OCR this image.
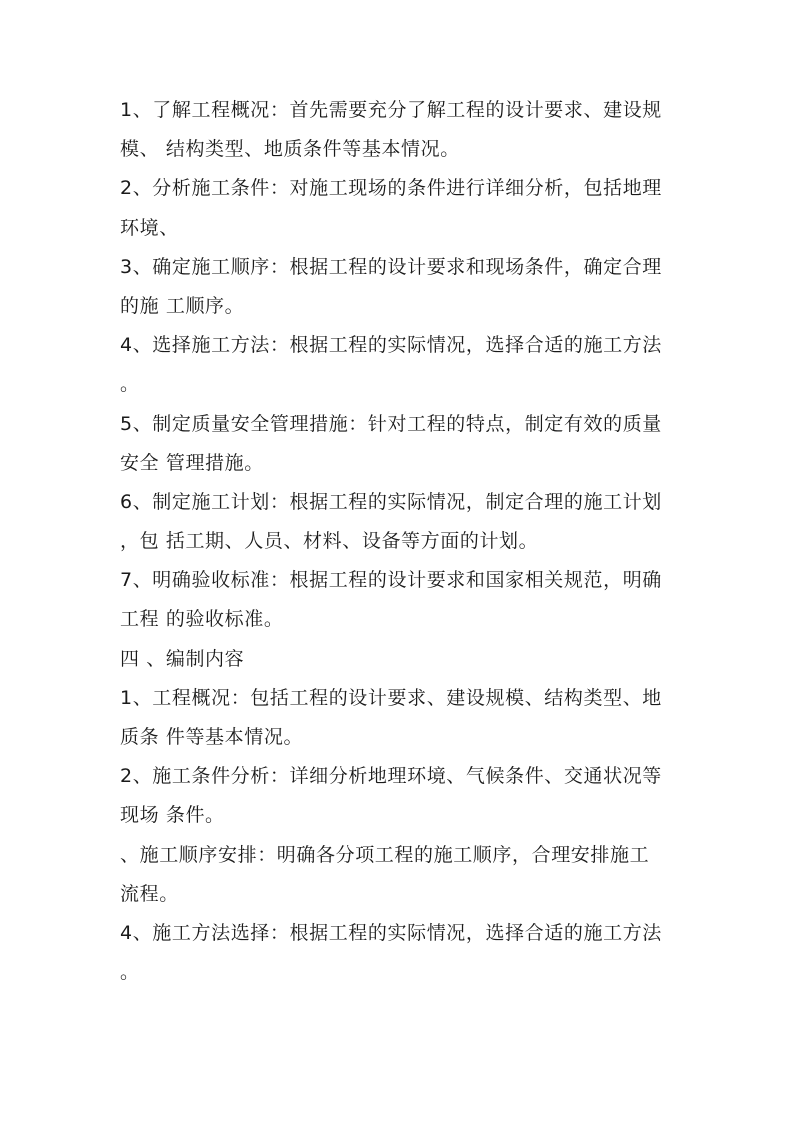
1、了解工程概况：首先需要充分了解工程的设计要求、建设规
模、 结构类型、地质条件等基本情况。
2、分析施工条件：对施工现场的条件进行详细分析，包括地理
环境、
3、确定施工顺序：根据工程的设计要求和现场条件，确定合理
的施 工顺序。
4、选择施工方法：根据工程的实际情况，选择合适的施工方法
。
5、制定质量安全管理措施：针对工程的特点，制定有效的质量
安全 管理措施。
6、制定施工计划：根据工程的实际情况，制定合理的施工计划
，包 括工期、人员、材料、设备等方面的计划。
7、明确验收标准：根据工程的设计要求和国家相关规范，明确
工程 的验收标准。
四 、编制内容
1、工程概况：包括工程的设计要求、建设规模、结构类型、地
质条 件等基本情况。
2、施工条件分析：详细分析地理环境、气候条件、交通状况等
现场 条件。
、施工顺序安排：明确各分项工程的施工顺序，合理安排施工
流程。
4、施工方法选择：根据工程的实际情况，选择合适的施工方法
。
